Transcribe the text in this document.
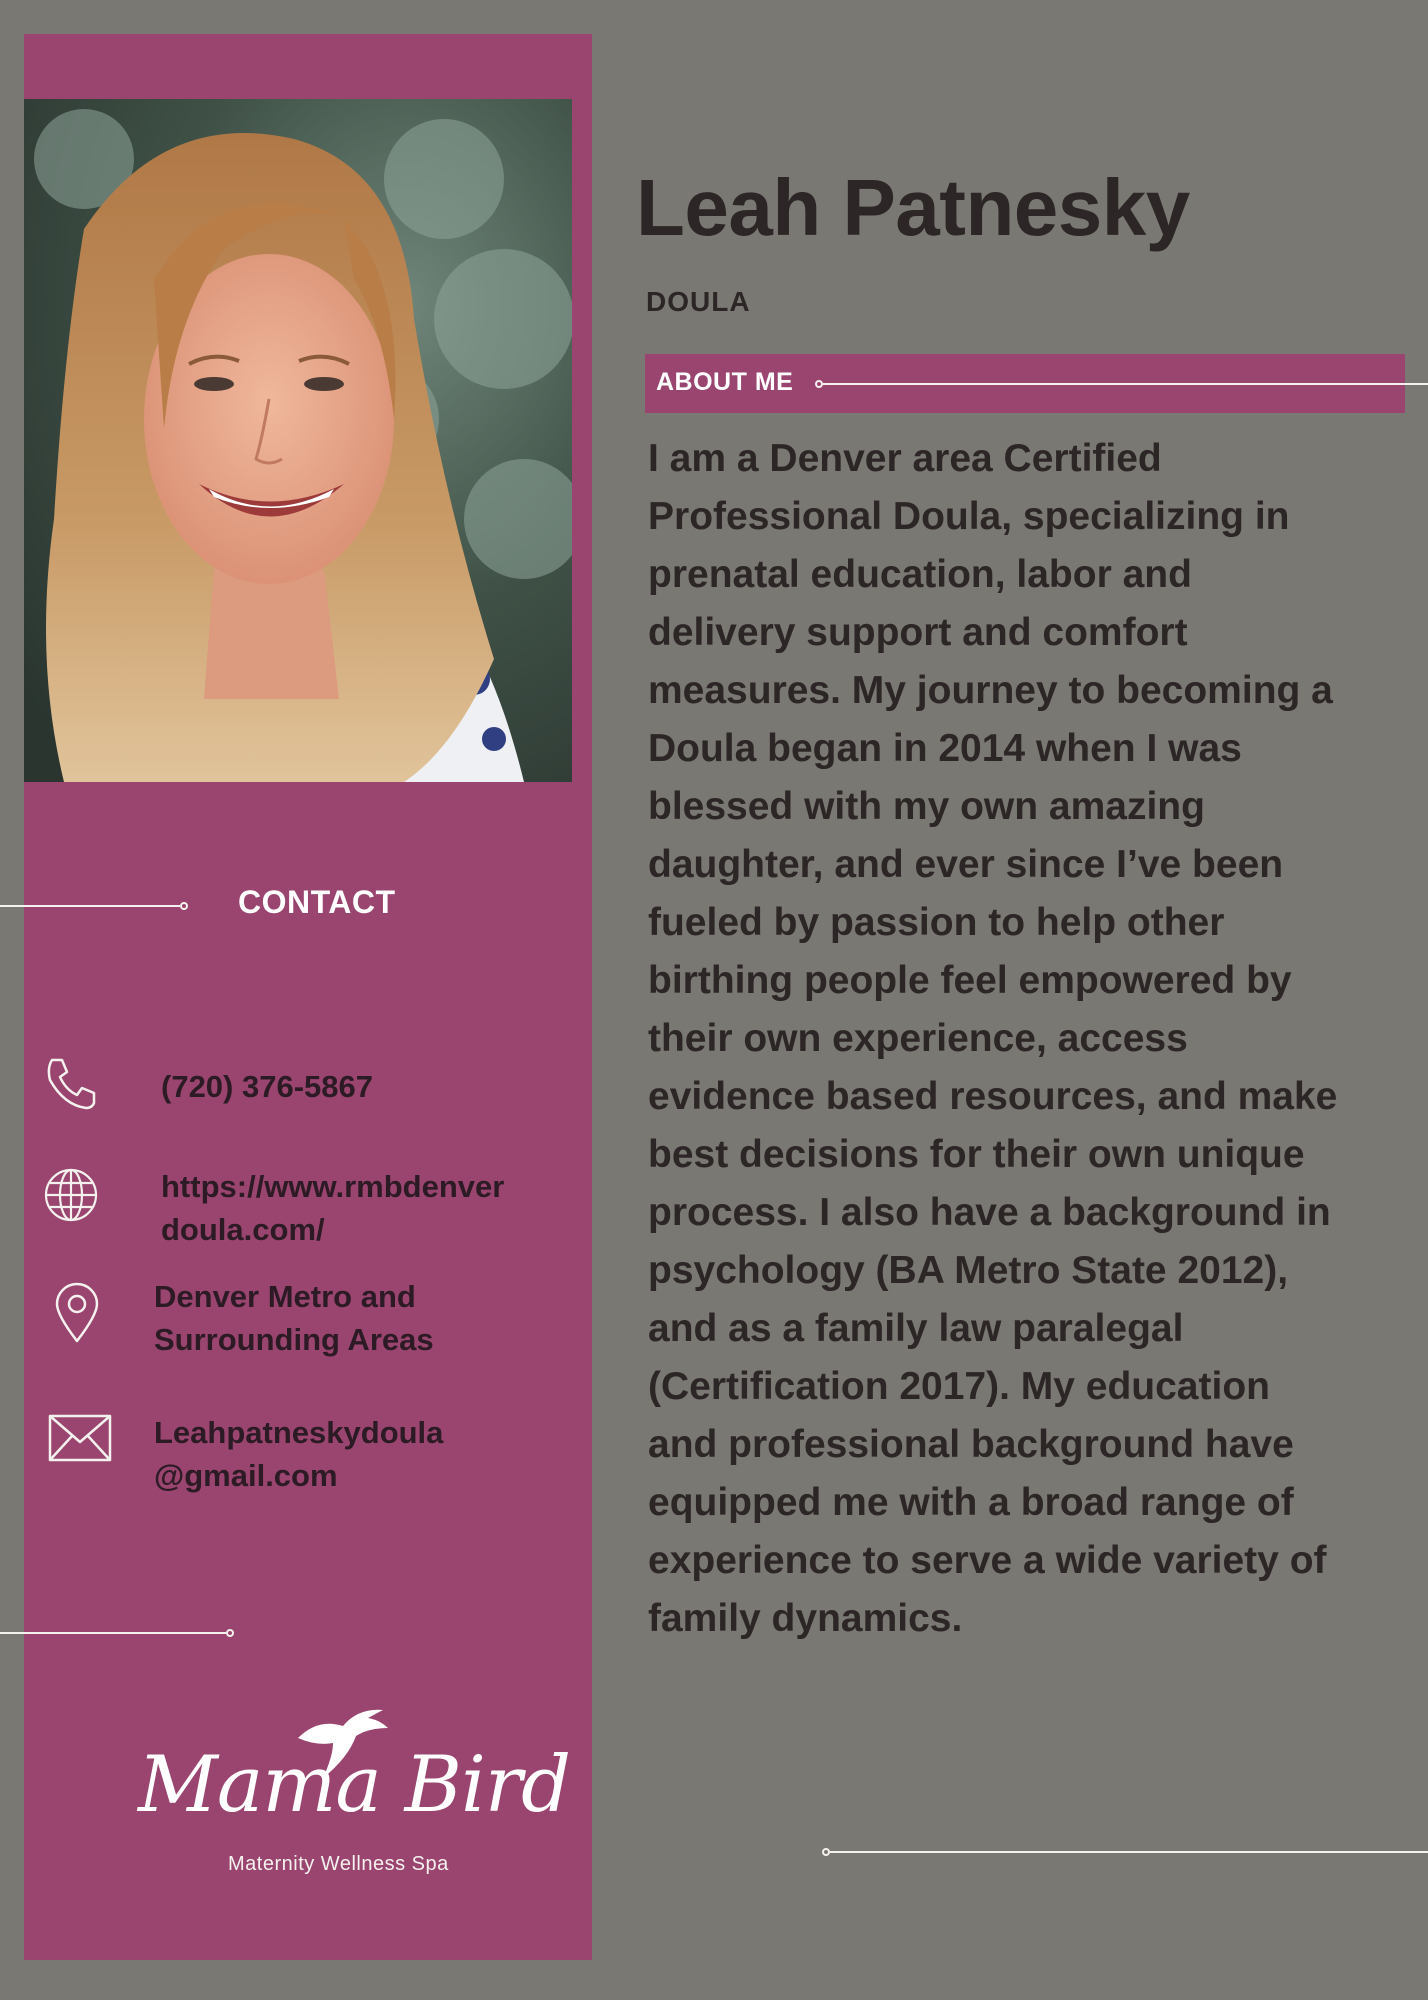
CONTACT
(720) 376-5867
https://www.rmbdenver
doula.com/
Denver Metro and
Surrounding Areas
Leahpatneskydoula
@gmail.com
Mama Bird
Maternity Wellness Spa
Leah Patnesky
DOULA
ABOUT ME
I am a Denver area Certified Professional Doula, specializing in prenatal education, labor and delivery support and comfort measures. My journey to becoming a Doula began in 2014 when I was blessed with my own amazing daughter, and ever since I’ve been fueled by passion to help other birthing people feel empowered by their own experience, access evidence based resources, and make best decisions for their own unique process. I also have a background in psychology (BA Metro State 2012), and as a family law paralegal (Certification 2017). My education and professional background have equipped me with a broad range of experience to serve a wide variety of family dynamics.
